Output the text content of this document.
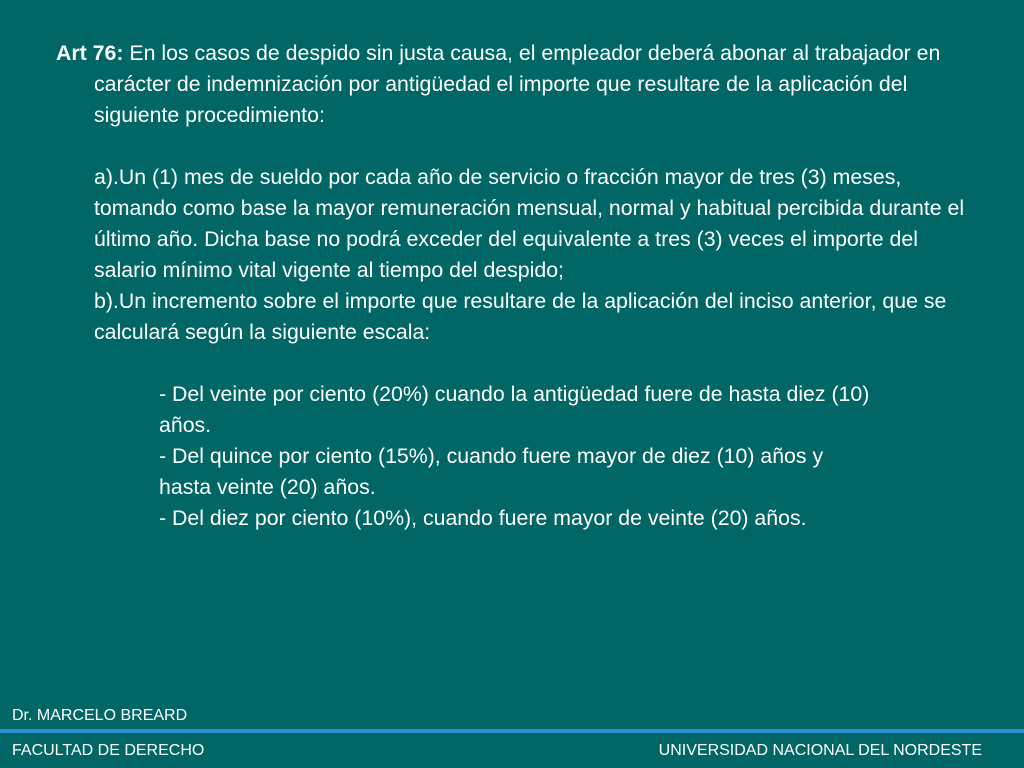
Art 76: En los casos de despido sin justa causa, el empleador deberá abonar al trabajador en carácter de indemnización por antigüedad el importe que resultare de la aplicación del siguiente procedimiento:

a).Un (1) mes de sueldo por cada año de servicio o fracción mayor de tres (3) meses, tomando como base la mayor remuneración mensual, normal y habitual percibida durante el último año. Dicha base no podrá exceder del equivalente a tres (3) veces el importe del salario mínimo vital vigente al tiempo del despido;

b).Un incremento sobre el importe que resultare de la aplicación del inciso anterior, que se calculará según la siguiente escala:

- Del veinte por ciento (20%) cuando la antigüedad fuere de hasta diez (10) años.

- Del quince por ciento (15%), cuando fuere mayor de diez (10) años y hasta veinte (20) años.

- Del diez por ciento (10%), cuando fuere mayor de veinte (20) años.

Dr. MARCELO BREARD
FACULTAD DE DERECHO	UNIVERSIDAD NACIONAL DEL NORDESTE
